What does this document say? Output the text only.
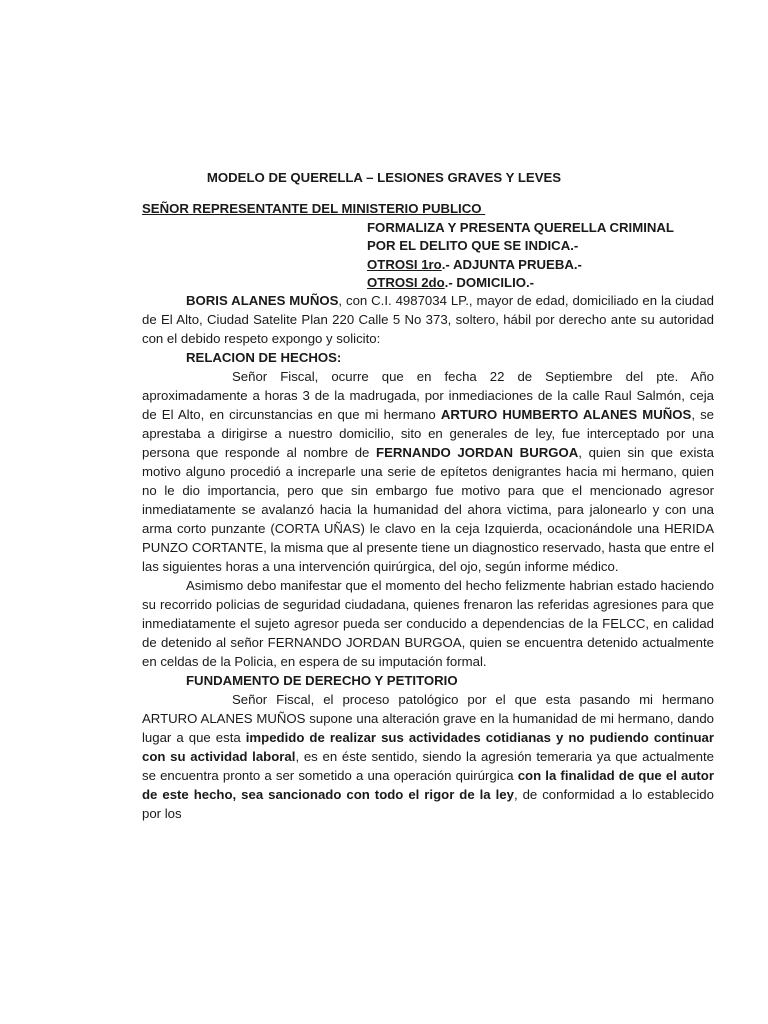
MODELO DE QUERELLA – LESIONES GRAVES Y LEVES
SEÑOR REPRESENTANTE DEL MINISTERIO PUBLICO
FORMALIZA Y PRESENTA QUERELLA CRIMINAL
POR EL DELITO QUE SE INDICA.-
OTROSI 1ro.- ADJUNTA PRUEBA.-
OTROSI 2do.- DOMICILIO.-

BORIS ALANES MUÑOS, con C.I. 4987034 LP., mayor de edad, domiciliado en la ciudad de El Alto, Ciudad Satelite Plan 220 Calle 5 No 373, soltero, hábil por derecho ante su autoridad con el debido respeto expongo y solicito:

RELACION DE HECHOS:

Señor Fiscal, ocurre que en fecha 22 de Septiembre del pte. Año aproximadamente a horas 3 de la madrugada, por inmediaciones de la calle Raul Salmón, ceja de El Alto, en circunstancias en que mi hermano ARTURO HUMBERTO ALANES MUÑOS, se aprestaba a dirigirse a nuestro domicilio, sito en generales de ley, fue interceptado por una persona que responde al nombre de FERNANDO JORDAN BURGOA, quien sin que exista motivo alguno procedió a increparle una serie de epítetos denigrantes hacia mi hermano, quien no le dio importancia, pero que sin embargo fue motivo para que el mencionado agresor inmediatamente se avalanzó hacia la humanidad del ahora victima, para jalonearlo y con una arma corto punzante (CORTA UÑAS) le clavo en la ceja Izquierda, ocacionándole una HERIDA PUNZO CORTANTE, la misma que al presente tiene un diagnostico reservado, hasta que entre el las siguientes horas a una intervención quirúrgica, del ojo, según informe médico.

Asimismo debo manifestar que el momento del hecho felizmente habrian estado haciendo su recorrido policias de seguridad ciudadana, quienes frenaron las referidas agresiones para que inmediatamente el sujeto agresor pueda ser conducido a dependencias de la FELCC, en calidad de detenido al señor FERNANDO JORDAN BURGOA, quien se encuentra detenido actualmente en celdas de la Policia, en espera de su imputación formal.

FUNDAMENTO DE DERECHO Y PETITORIO

Señor Fiscal, el proceso patológico por el que esta pasando mi hermano ARTURO ALANES MUÑOS supone una alteración grave en la humanidad de mi hermano, dando lugar a que esta impedido de realizar sus actividades cotidianas y no pudiendo continuar con su actividad laboral, es en éste sentido, siendo la agresión temeraria ya que actualmente se encuentra pronto a ser sometido a una operación quirúrgica con la finalidad de que el autor de este hecho, sea sancionado con todo el rigor de la ley, de conformidad a lo establecido por los
